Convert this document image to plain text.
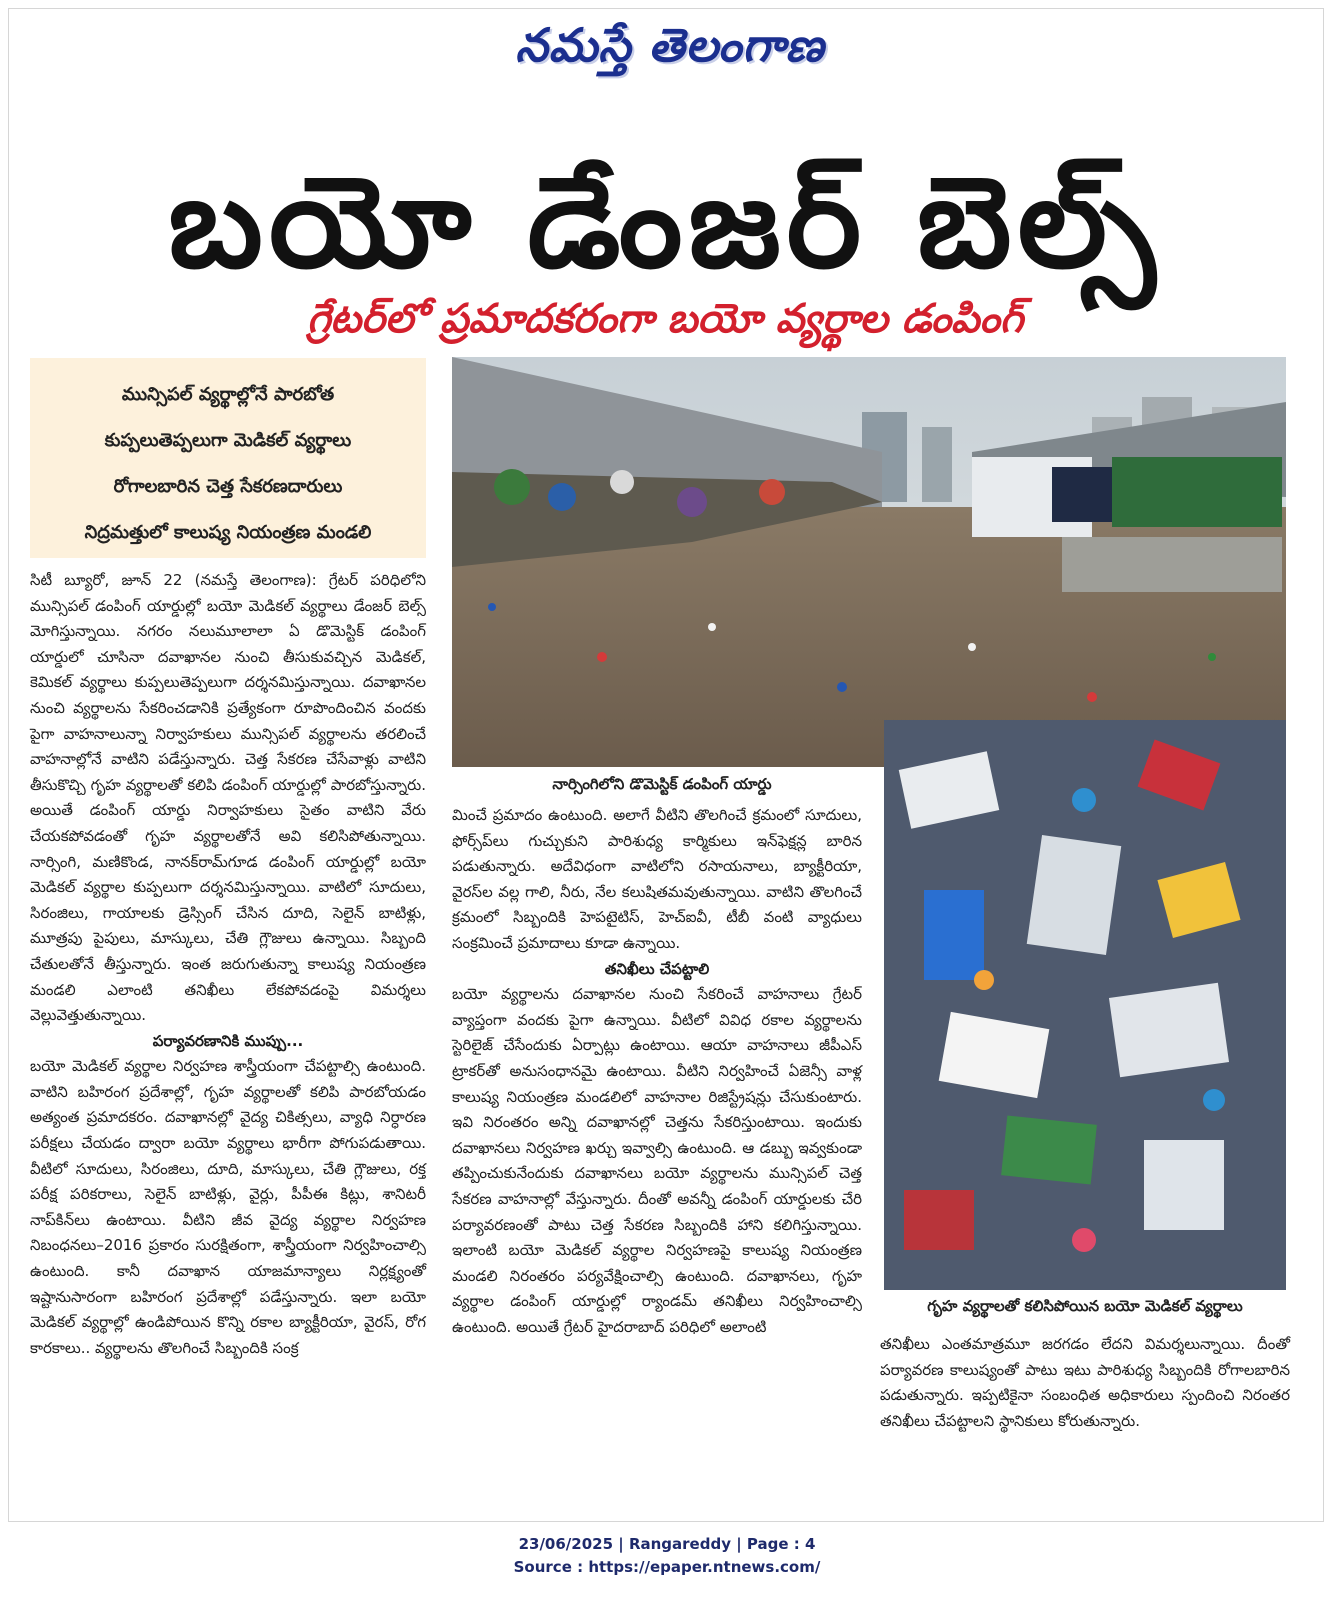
నమస్తే తెలంగాణ
బయో డేంజర్ బెల్స్
గ్రేటర్‌లో ప్రమాదకరంగా బయో వ్యర్థాల డంపింగ్
మున్సిపల్ వ్యర్థాల్లోనే పారబోత
కుప్పలుతెప్పలుగా మెడికల్ వ్యర్థాలు
రోగాలబారిన చెత్త సేకరణదారులు
నిద్రమత్తులో కాలుష్య నియంత్రణ మండలి

సిటీ బ్యూరో, జూన్ 22 (నమస్తే తెలంగాణ): గ్రేటర్ పరిధిలోని మున్సిపల్ డంపింగ్ యార్డుల్లో బయో మెడికల్ వ్యర్థాలు డేంజర్ బెల్స్ మోగిస్తున్నాయి. నగరం నలుమూలాలా ఏ డొమెస్టిక్ డంపింగ్ యార్డులో చూసినా దవాఖానల నుంచి తీసుకువచ్చిన మెడికల్, కెమికల్ వ్యర్థాలు కుప్పలుతెప్పలుగా దర్శనమిస్తున్నాయి. దవాఖానల నుంచి వ్యర్థాలను సేకరించడానికి ప్రత్యేకంగా రూపొందించిన వందకు పైగా వాహనాలున్నా నిర్వాహకులు మున్సిపల్ వ్యర్థాలను తరలించే వాహనాల్లోనే వాటిని పడేస్తున్నారు. చెత్త సేకరణ చేసేవాళ్లు వాటిని తీసుకొచ్చి గృహ వ్యర్థాలతో కలిపి డంపింగ్ యార్డుల్లో పారబోస్తున్నారు. అయితే డంపింగ్ యార్డు నిర్వాహకులు సైతం వాటిని వేరు చేయకపోవడంతో గృహ వ్యర్థాలతోనే అవి కలిసిపోతున్నాయి. నార్సింగి, మణికొండ, నానక్‌రామ్‌గూడ డంపింగ్ యార్డుల్లో బయో మెడికల్ వ్యర్థాల కుప్పలుగా దర్శనమిస్తున్నాయి. వాటిలో సూదులు, సిరంజిలు, గాయాలకు డ్రెస్సింగ్ చేసిన దూది, సెలైన్ బాటిళ్లు, మూత్రపు పైపులు, మాస్కులు, చేతి గ్లౌజులు ఉన్నాయి. సిబ్బంది చేతులతోనే తీస్తున్నారు. ఇంత జరుగుతున్నా కాలుష్య నియంత్రణ మండలి ఎలాంటి తనిఖీలు లేకపోవడంపై విమర్శలు వెల్లువెత్తుతున్నాయి.

పర్యావరణానికి ముప్పు...

బయో మెడికల్ వ్యర్థాల నిర్వహణ శాస్త్రీయంగా చేపట్టాల్సి ఉంటుంది. వాటిని బహిరంగ ప్రదేశాల్లో, గృహ వ్యర్థాలతో కలిపి పారబోయడం అత్యంత ప్రమాదకరం. దవాఖానల్లో వైద్య చికిత్సలు, వ్యాధి నిర్ధారణ పరీక్షలు చేయడం ద్వారా బయో వ్యర్థాలు భారీగా పోగుపడుతాయి. వీటిలో సూదులు, సిరంజిలు, దూది, మాస్కులు, చేతి గ్లౌజులు, రక్త పరీక్ష పరికరాలు, సెలైన్ బాటిళ్లు, వైర్లు, పీపీఈ కిట్లు, శానిటరీ నాప్‌కిన్‌లు ఉంటాయి. వీటిని జీవ వైద్య వ్యర్థాల నిర్వహణ నిబంధనలు–2016 ప్రకారం సురక్షితంగా, శాస్త్రీయంగా నిర్వహించాల్సి ఉంటుంది. కానీ దవాఖాన యాజమాన్యాలు నిర్లక్ష్యంతో ఇష్టానుసారంగా బహిరంగ ప్రదేశాల్లో పడేస్తున్నారు. ఇలా బయో మెడికల్ వ్యర్థాల్లో ఉండిపోయిన కొన్ని రకాల బ్యాక్టీరియా, వైరస్, రోగ కారకాలు.. వ్యర్థాలను తొలగించే సిబ్బందికి సంక్ర

నార్సింగిలోని డొమెస్టిక్ డంపింగ్ యార్డు

మించే ప్రమాదం ఉంటుంది. అలాగే వీటిని తొలగించే క్రమంలో సూదులు, ఫోర్స్‌ప్‌లు గుచ్చుకుని పారిశుధ్య కార్మికులు ఇన్‌ఫెక్షన్ల బారిన పడుతున్నారు. అదేవిధంగా వాటిలోని రసాయనాలు, బ్యాక్టీరియా, వైరస్‌ల వల్ల గాలి, నీరు, నేల కలుషితమవుతున్నాయి. వాటిని తొలగించే క్రమంలో సిబ్బందికి హెపటైటిస్, హెచ్‌ఐవీ, టీబీ వంటి వ్యాధులు సంక్రమించే ప్రమాదాలు కూడా ఉన్నాయి.

తనిఖీలు చేపట్టాలి

బయో వ్యర్థాలను దవాఖానల నుంచి సేకరించే వాహనాలు గ్రేటర్ వ్యాప్తంగా వందకు పైగా ఉన్నాయి. వీటిలో వివిధ రకాల వ్యర్థాలను స్టెరిలైజ్ చేసేందుకు ఏర్పాట్లు ఉంటాయి. ఆయా వాహనాలు జీపీఎస్ ట్రాకర్‌తో అనుసంధానమై ఉంటాయి. వీటిని నిర్వహించే ఏజెన్సీ వాళ్ల కాలుష్య నియంత్రణ మండలిలో వాహనాల రిజిస్ట్రేషన్లు చేసుకుంటారు. ఇవి నిరంతరం అన్ని దవాఖానల్లో చెత్తను సేకరిస్తుంటాయి. ఇందుకు దవాఖానలు నిర్వహణ ఖర్చు ఇవ్వాల్సి ఉంటుంది. ఆ డబ్బు ఇవ్వకుండా తప్పించుకునేందుకు దవాఖానలు బయో వ్యర్థాలను మున్సిపల్ చెత్త సేకరణ వాహనాల్లో వేస్తున్నారు. దీంతో అవన్నీ డంపింగ్ యార్డులకు చేరి పర్యావరణంతో పాటు చెత్త సేకరణ సిబ్బందికి హాని కలిగిస్తున్నాయి. ఇలాంటి బయో మెడికల్ వ్యర్థాల నిర్వహణపై కాలుష్య నియంత్రణ మండలి నిరంతరం పర్యవేక్షించాల్సి ఉంటుంది. దవాఖానలు, గృహ వ్యర్థాల డంపింగ్ యార్డుల్లో ర్యాండమ్ తనిఖీలు నిర్వహించాల్సి ఉంటుంది. అయితే గ్రేటర్ హైదరాబాద్ పరిధిలో అలాంటి

గృహ వ్యర్థాలతో కలిసిపోయిన బయో మెడికల్ వ్యర్థాలు

తనిఖీలు ఎంతమాత్రమూ జరగడం లేదని విమర్శలున్నాయి. దీంతో పర్యావరణ కాలుష్యంతో పాటు ఇటు పారిశుధ్య సిబ్బందికి రోగాలబారిన పడుతున్నారు. ఇప్పటికైనా సంబంధిత అధికారులు స్పందించి నిరంతర తనిఖీలు చేపట్టాలని స్థానికులు కోరుతున్నారు.

23/06/2025 | Rangareddy | Page : 4
Source : https://epaper.ntnews.com/
